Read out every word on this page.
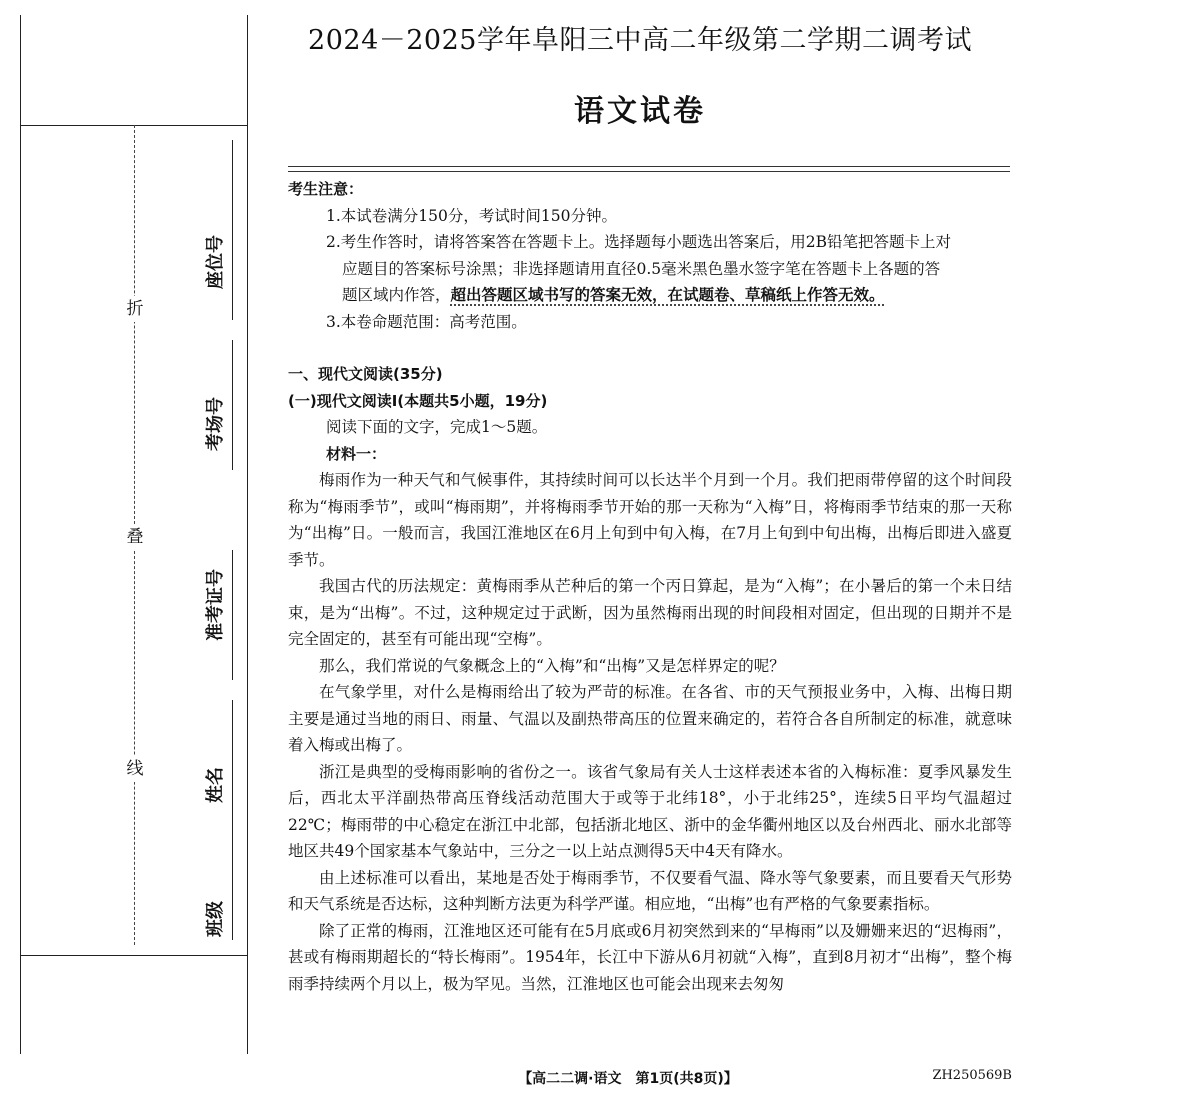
折
叠
线
座位号
考场号
准考证号
姓名
班级
2024－2025学年阜阳三中高二年级第二学期二调考试
语文试卷
考生注意：
1.本试卷满分150分，考试时间150分钟。
2.考生作答时，请将答案答在答题卡上。选择题每小题选出答案后，用2B铅笔把答题卡上对
应题目的答案标号涂黑；非选择题请用直径0.5毫米黑色墨水签字笔在答题卡上各题的答
题区域内作答，超出答题区域书写的答案无效，在试题卷、草稿纸上作答无效。
3.本卷命题范围：高考范围。
一、现代文阅读(35分)
(一)现代文阅读Ⅰ(本题共5小题，19分)
阅读下面的文字，完成1～5题。
材料一：

梅雨作为一种天气和气候事件，其持续时间可以长达半个月到一个月。我们把雨带停留的这个时间段称为“梅雨季节”，或叫“梅雨期”，并将梅雨季节开始的那一天称为“入梅”日，将梅雨季节结束的那一天称为“出梅”日。一般而言，我国江淮地区在6月上旬到中旬入梅，在7月上旬到中旬出梅，出梅后即进入盛夏季节。

我国古代的历法规定：黄梅雨季从芒种后的第一个丙日算起，是为“入梅”；在小暑后的第一个未日结束，是为“出梅”。不过，这种规定过于武断，因为虽然梅雨出现的时间段相对固定，但出现的日期并不是完全固定的，甚至有可能出现“空梅”。

那么，我们常说的气象概念上的“入梅”和“出梅”又是怎样界定的呢？

在气象学里，对什么是梅雨给出了较为严苛的标准。在各省、市的天气预报业务中，入梅、出梅日期主要是通过当地的雨日、雨量、气温以及副热带高压的位置来确定的，若符合各自所制定的标准，就意味着入梅或出梅了。

浙江是典型的受梅雨影响的省份之一。该省气象局有关人士这样表述本省的入梅标准：夏季风暴发生后，西北太平洋副热带高压脊线活动范围大于或等于北纬18°，小于北纬25°，连续5日平均气温超过22℃；梅雨带的中心稳定在浙江中北部，包括浙北地区、浙中的金华衢州地区以及台州西北、丽水北部等地区共49个国家基本气象站中，三分之一以上站点测得5天中4天有降水。

由上述标准可以看出，某地是否处于梅雨季节，不仅要看气温、降水等气象要素，而且要看天气形势和天气系统是否达标，这种判断方法更为科学严谨。相应地，“出梅”也有严格的气象要素指标。

除了正常的梅雨，江淮地区还可能有在5月底或6月初突然到来的“早梅雨”以及姗姗来迟的“迟梅雨”，甚或有梅雨期超长的“特长梅雨”。1954年，长江中下游从6月初就“入梅”，直到8月初才“出梅”，整个梅雨季持续两个月以上，极为罕见。当然，江淮地区也可能会出现来去匆匆

【高二二调·语文　第1页(共8页)】	ZH250569B
